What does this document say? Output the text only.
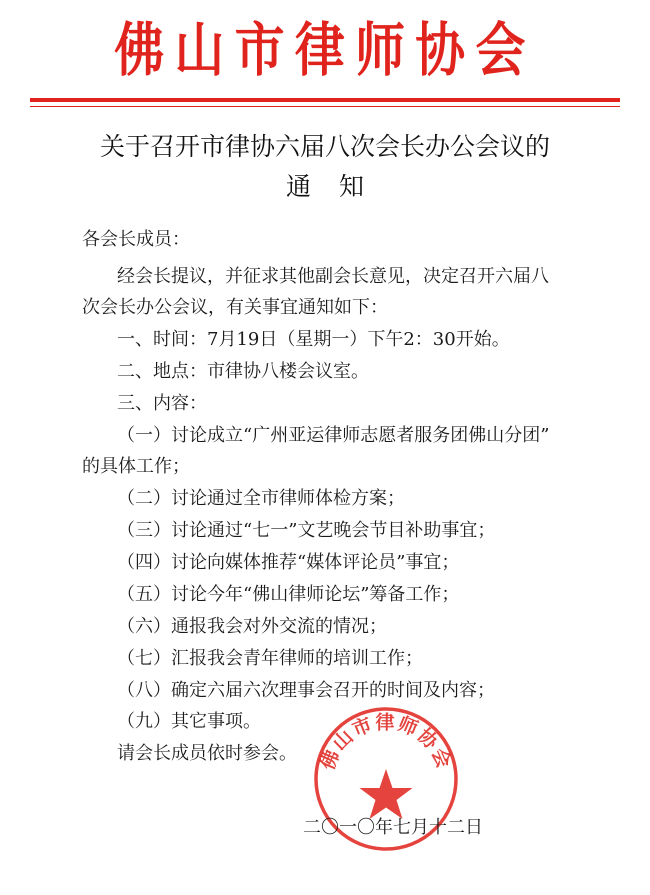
佛山市律师协会
关于召开市律协六届八次会长办公会议的
通知
各会长成员：
经会长提议，并征求其他副会长意见，决定召开六届八
次会长办公会议，有关事宜通知如下：
一、时间：7月19日（星期一）下午2：30开始。
二、地点：市律协八楼会议室。
三、内容：
（一）讨论成立“广州亚运律师志愿者服务团佛山分团”
的具体工作；
（二）讨论通过全市律师体检方案；
（三）讨论通过“七一”文艺晚会节目补助事宜；
（四）讨论向媒体推荐“媒体评论员”事宜；
（五）讨论今年“佛山律师论坛”筹备工作；
（六）通报我会对外交流的情况；
（七）汇报我会青年律师的培训工作；
（八）确定六届六次理事会召开的时间及内容；
（九）其它事项。
请会长成员依时参会。 佛山市律师协会
二〇一〇年七月十二日
